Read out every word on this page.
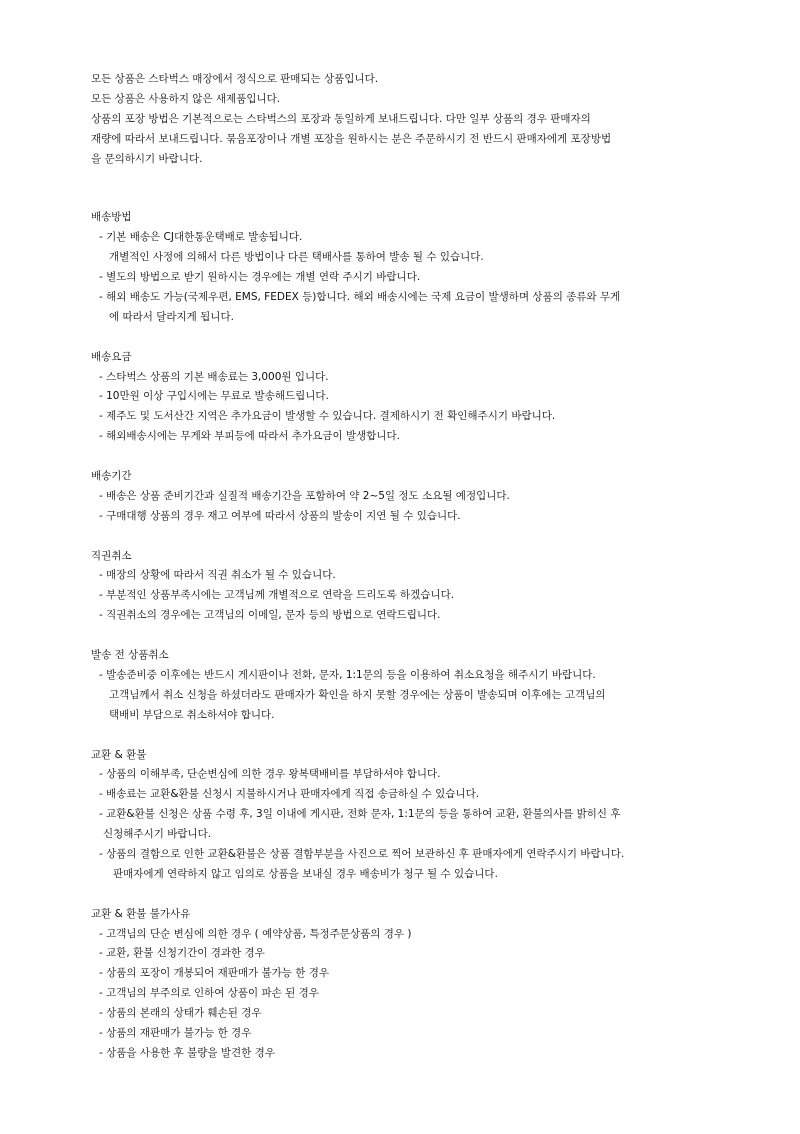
모든 상품은 스타벅스 매장에서 정식으로 판매되는 상품입니다.
모든 상품은 사용하지 않은 새제품입니다.
상품의 포장 방법은 기본적으로는 스타벅스의 포장과 동일하게 보내드립니다. 다만 일부 상품의 경우 판매자의
재량에 따라서 보내드립니다. 묶음포장이나 개별 포장을 원하시는 분은 주문하시기 전 반드시 판매자에게 포장방법
을 문의하시기 바랍니다.
배송방법
- 기본 배송은 CJ대한통운택배로 발송됩니다.
개별적인 사정에 의해서 다른 방법이나 다른 택배사를 통하여 발송 될 수 있습니다.
- 별도의 방법으로 받기 원하시는 경우에는 개별 연락 주시기 바랍니다.
- 해외 배송도 가능(국제우편, EMS, FEDEX 등)합니다. 해외 배송시에는 국제 요금이 발생하며 상품의 종류와 무게
에 따라서 달라지게 됩니다.
배송요금
- 스타벅스 상품의 기본 배송료는 3,000원 입니다.
- 10만원 이상 구입시에는 무료로 발송해드립니다.
- 제주도 및 도서산간 지역은 추가요금이 발생할 수 있습니다. 결제하시기 전 확인해주시기 바랍니다.
- 해외배송시에는 무게와 부피등에 따라서 추가요금이 발생합니다.
배송기간
- 배송은 상품 준비기간과 실질적 배송기간을 포함하여 약 2~5일 정도 소요될 예정입니다.
- 구매대행 상품의 경우 재고 여부에 따라서 상품의 발송이 지연 될 수 있습니다.
직권취소
- 매장의 상황에 따라서 직권 취소가 될 수 있습니다.
- 부분적인 상품부족시에는 고객님께 개별적으로 연락을 드리도록 하겠습니다.
- 직권취소의 경우에는 고객님의 이메일, 문자 등의 방법으로 연락드립니다.
발송 전 상품취소
- 발송준비중 이후에는 반드시 게시판이나 전화, 문자, 1:1문의 등을 이용하여 취소요청을 해주시기 바랍니다.
고객님께서 취소 신청을 하셨더라도 판매자가 확인을 하지 못할 경우에는 상품이 발송되며 이후에는 고객님의
택배비 부담으로 취소하셔야 합니다.
교환 & 환불
- 상품의 이해부족, 단순변심에 의한 경우 왕복택배비를 부담하셔야 합니다.
- 배송료는 교환&환불 신청시 지불하시거나 판매자에게 직접 송금하실 수 있습니다.
- 교환&환불 신청은 상품 수령 후, 3일 이내에 게시판, 전화 문자, 1:1문의 등을 통하여 교환, 환불의사를 밝히신 후
신청해주시기 바랍니다.
- 상품의 결함으로 인한 교환&환불은 상품 결함부분을 사진으로 찍어 보관하신 후 판매자에게 연락주시기 바랍니다.
판매자에게 연락하지 않고 임의로 상품을 보내실 경우 배송비가 청구 될 수 있습니다.
교환 & 환불 불가사유
- 고객님의 단순 변심에 의한 경우 ( 예약상품, 특정주문상품의 경우 )
- 교환, 환불 신청기간이 경과한 경우
- 상품의 포장이 개봉되어 재판매가 불가능 한 경우
- 고객님의 부주의로 인하여 상품이 파손 된 경우
- 상품의 본래의 상태가 훼손된 경우
- 상품의 재판매가 불가능 한 경우
- 상품을 사용한 후 불량을 발견한 경우
